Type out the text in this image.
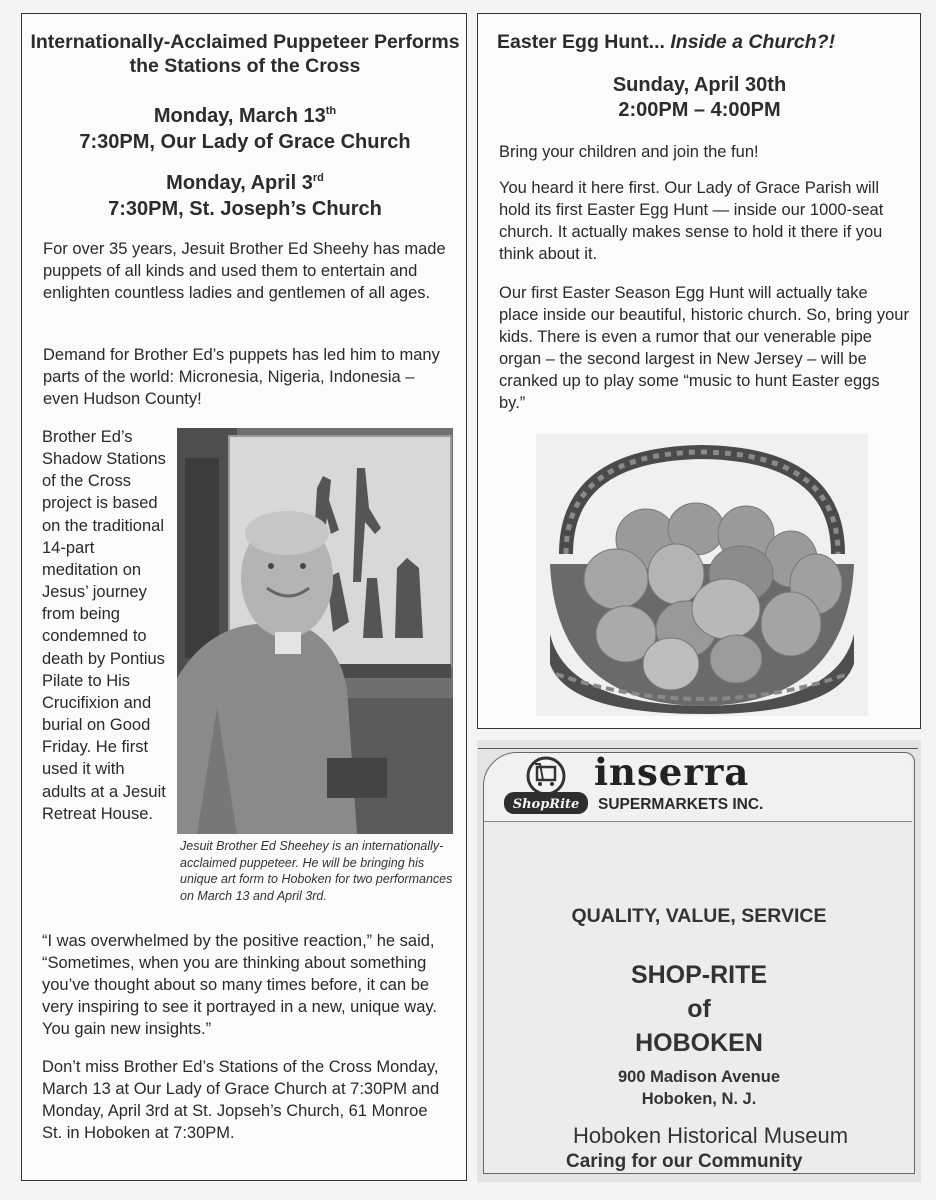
Internationally-Acclaimed Puppeteer Performs the Stations of the Cross
Monday, March 13th
7:30PM, Our Lady of Grace Church
Monday, April 3rd
7:30PM, St. Joseph’s Church
For over 35 years, Jesuit Brother Ed Sheehy has made puppets of all kinds and used them to entertain and enlighten countless ladies and gentlemen of all ages.
Demand for Brother Ed’s puppets has led him to many parts of the world: Micronesia, Nigeria, Indonesia – even Hudson County!
Brother Ed’s Shadow Stations of the Cross project is based on the traditional 14-part meditation on Jesus’ journey from being condemned to death by Pontius Pilate to His Crucifixion and burial on Good Friday. He first used it with adults at a Jesuit Retreat House.
Jesuit Brother Ed Sheehey is an internationally-acclaimed puppeteer. He will be bringing his unique art form to Hoboken for two performances on March 13 and April 3rd.
“I was overwhelmed by the positive reaction,” he said, “Sometimes, when you are thinking about something you’ve thought about so many times before, it can be very inspiring to see it portrayed in a new, unique way. You gain new insights.”
Don’t miss Brother Ed’s Stations of the Cross Monday, March 13 at Our Lady of Grace Church at 7:30PM and Monday, April 3rd at St. Jopseh’s Church, 61 Monroe St. in Hoboken at 7:30PM.
Easter Egg Hunt... Inside a Church?!
Sunday, April 30th
2:00PM – 4:00PM
Bring your children and join the fun!
You heard it here first. Our Lady of Grace Parish will hold its first Easter Egg Hunt — inside our 1000-seat church. It actually makes sense to hold it there if you think about it.
Our first Easter Season Egg Hunt will actually take place inside our beautiful, historic church. So, bring your kids. There is even a rumor that our venerable pipe organ – the second largest in New Jersey – will be cranked up to play some “music to hunt Easter eggs by.”
ShopRite
inserra
SUPERMARKETS INC.
QUALITY, VALUE, SERVICE
SHOP-RITE
of
HOBOKEN
900 Madison Avenue
Hoboken, N. J.
Hoboken Historical Museum
Caring for our Community
